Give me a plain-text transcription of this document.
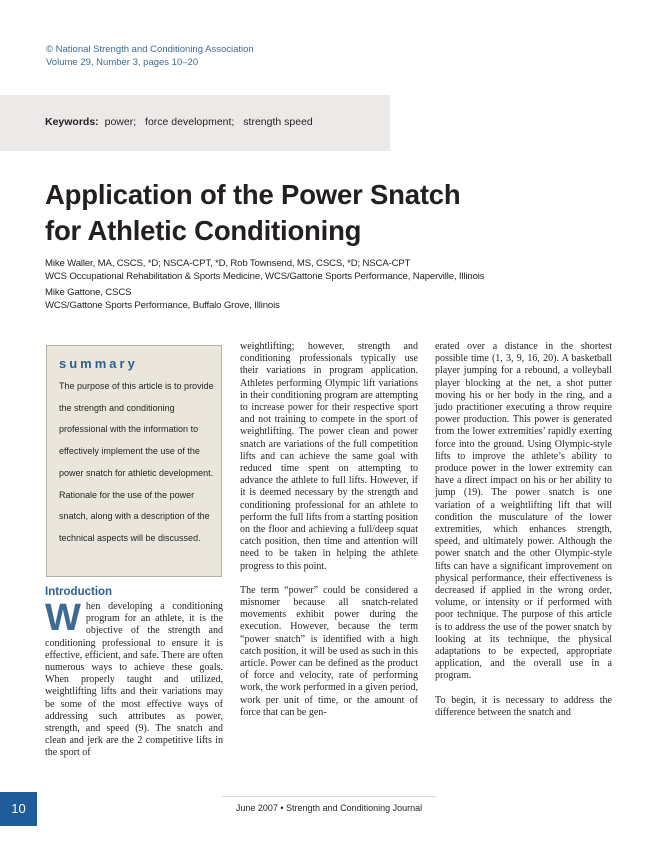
© National Strength and Conditioning Association
Volume 29, Number 3, pages 10–20
Keywords: power; force development; strength speed
Application of the Power Snatch
for Athletic Conditioning
Mike Waller, MA, CSCS, *D; NSCA-CPT, *D, Rob Townsend, MS, CSCS, *D; NSCA-CPT
WCS Occupational Rehabilitation & Sports Medicine, WCS/Gattone Sports Performance, Naperville, Illinois
Mike Gattone, CSCS
WCS/Gattone Sports Performance, Buffalo Grove, Illinois
summary

The purpose of this article is to provide the strength and conditioning professional with the information to effectively implement the use of the power snatch for athletic development. Rationale for the use of the power snatch, along with a description of the technical aspects will be discussed.

Introduction
W hen developing a conditioning program for an athlete, it is the objective of the strength and conditioning professional to ensure it is effective, efficient, and safe. There are often numerous ways to achieve these goals. When properly taught and utilized, weightlifting lifts and their variations may be some of the most effective ways of addressing such attributes as power, strength, and speed (9). The snatch and clean and jerk are the 2 competitive lifts in the sport of

weightlifting; however, strength and conditioning professionals typically use their variations in program application. Athletes performing Olympic lift variations in their conditioning program are attempting to increase power for their respective sport and not training to compete in the sport of weightlifting. The power clean and power snatch are variations of the full competition lifts and can achieve the same goal with reduced time spent on attempting to advance the athlete to full lifts. However, if it is deemed necessary by the strength and conditioning professional for an athlete to perform the full lifts from a starting position on the floor and achieving a full/deep squat catch position, then time and attention will need to be taken in helping the athlete progress to this point.

The term “power” could be considered a misnomer because all snatch-related movements exhibit power during the execution. However, because the term “power snatch” is identified with a high catch position, it will be used as such in this article. Power can be defined as the product of force and velocity, rate of performing work, the work performed in a given period, work per unit of time, or the amount of force that can be gen-

erated over a distance in the shortest possible time (1, 3, 9, 16, 20). A basketball player jumping for a rebound, a volleyball player blocking at the net, a shot putter moving his or her body in the ring, and a judo practitioner executing a throw require power production. This power is generated from the lower extremities’ rapidly exerting force into the ground. Using Olympic-style lifts to improve the athlete’s ability to produce power in the lower extremity can have a direct impact on his or her ability to jump (19). The power snatch is one variation of a weightlifting lift that will condition the musculature of the lower extremities, which enhances strength, speed, and ultimately power. Although the power snatch and the other Olympic-style lifts can have a significant improvement on physical performance, their effectiveness is decreased if applied in the wrong order, volume, or intensity or if performed with poor technique. The purpose of this article is to address the use of the power snatch by looking at its technique, the physical adaptations to be expected, appropriate application, and the overall use in a program.

To begin, it is necessary to address the difference between the snatch and

10	June 2007 • Strength and Conditioning Journal
